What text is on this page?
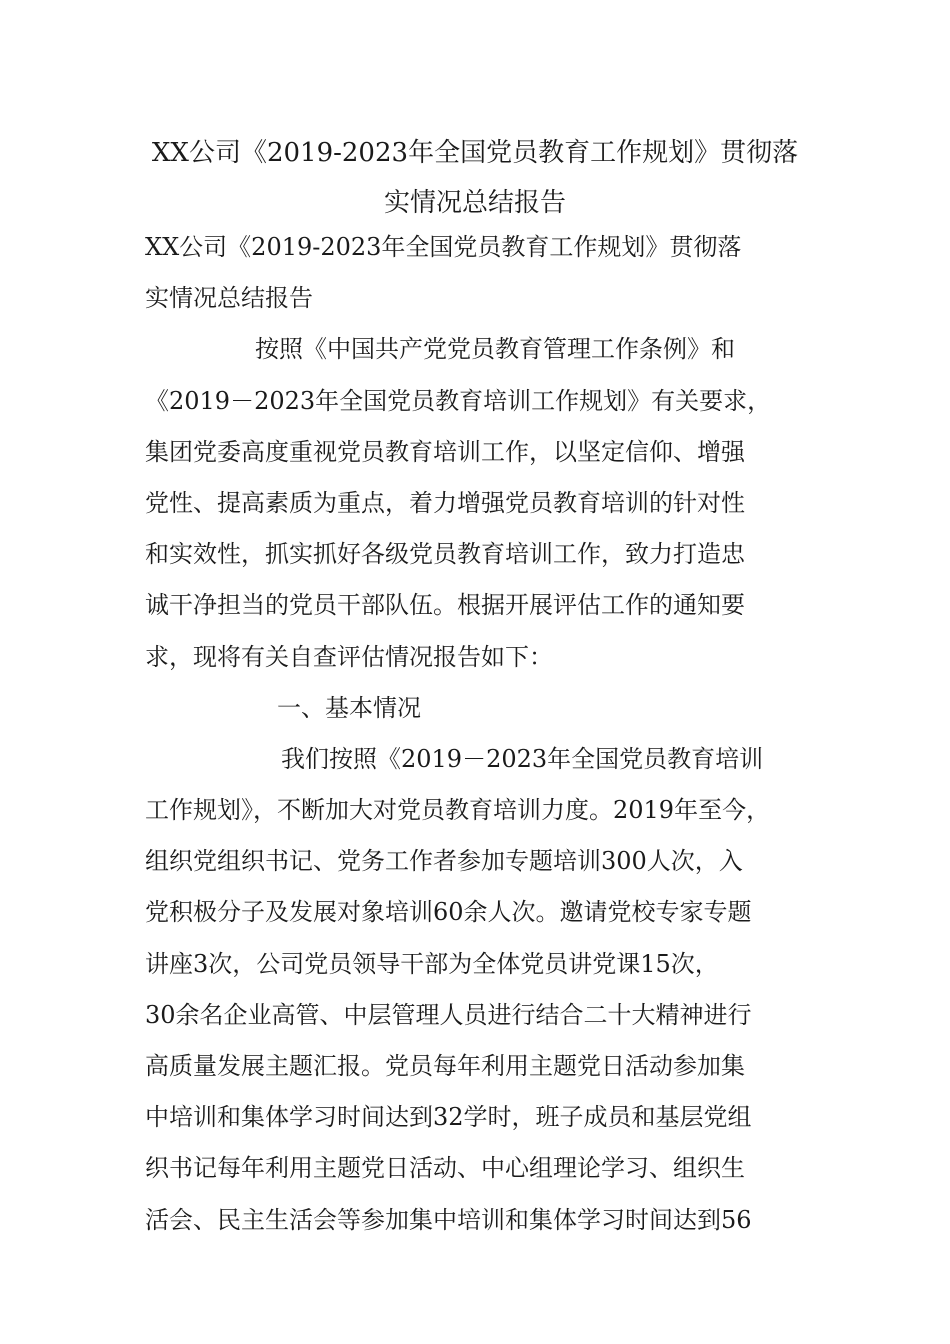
XX公司《2019-2023年全国党员教育工作规划》贯彻落
实情况总结报告
XX公司《2019-2023年全国党员教育工作规划》贯彻落
实情况总结报告
按照《中国共产党党员教育管理工作条例》和
《2019－2023年全国党员教育培训工作规划》有关要求，
集团党委高度重视党员教育培训工作，以坚定信仰、增强
党性、提高素质为重点，着力增强党员教育培训的针对性
和实效性，抓实抓好各级党员教育培训工作，致力打造忠
诚干净担当的党员干部队伍。根据开展评估工作的通知要
求，现将有关自查评估情况报告如下：
一、基本情况
我们按照《2019－2023年全国党员教育培训
工作规划》，不断加大对党员教育培训力度。2019年至今，
组织党组织书记、党务工作者参加专题培训300人次，入
党积极分子及发展对象培训60余人次。邀请党校专家专题
讲座3次，公司党员领导干部为全体党员讲党课15次，
30余名企业高管、中层管理人员进行结合二十大精神进行
高质量发展主题汇报。党员每年利用主题党日活动参加集
中培训和集体学习时间达到32学时，班子成员和基层党组
织书记每年利用主题党日活动、中心组理论学习、组织生
活会、民主生活会等参加集中培训和集体学习时间达到56
